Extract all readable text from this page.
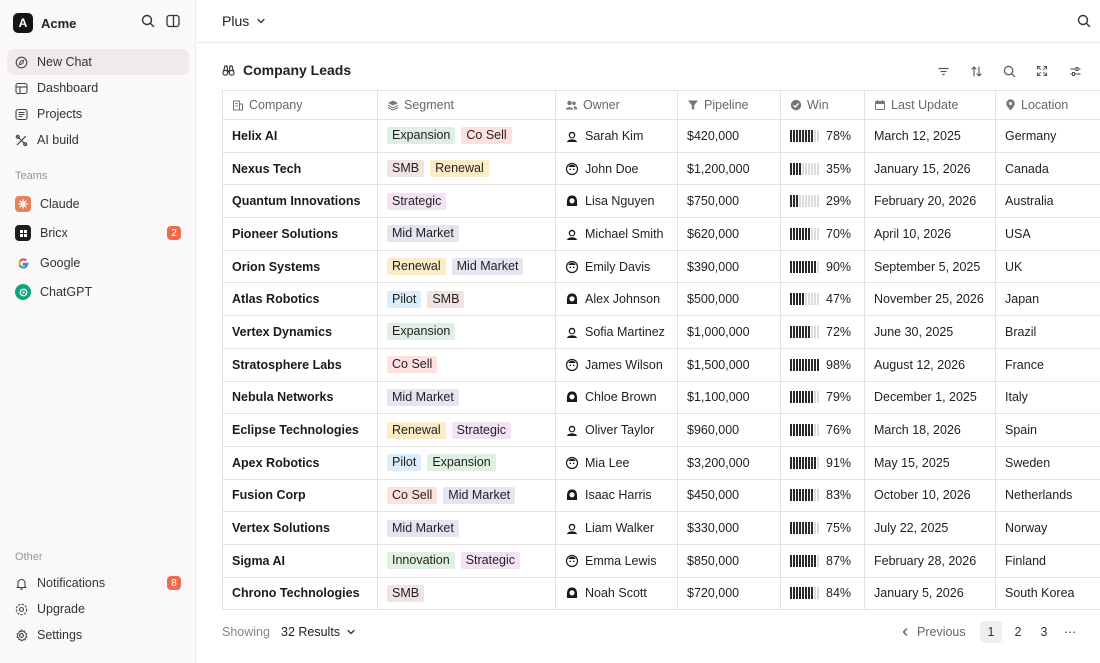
A	Acme
New Chat
Dashboard
Projects
AI build
Teams
Claude
Bricx	2
Google
ChatGPT
Other
Notifications	8
Upgrade
Settings
Plus
Company Leads
Company	Segment	Owner	Pipeline	Win	Last Update	Location

Helix AI	Expansion Co Sell	Sarah Kim	$420,000	78%	March 12, 2025	Germany
Nexus Tech	SMB Renewal	John Doe	$1,200,000	35%	January 15, 2026	Canada
Quantum Innovations	Strategic	Lisa Nguyen	$750,000	29%	February 20, 2026	Australia
Pioneer Solutions	Mid Market	Michael Smith	$620,000	70%	April 10, 2026	USA
Orion Systems	Renewal Mid Market	Emily Davis	$390,000	90%	September 5, 2025	UK
Atlas Robotics	Pilot SMB	Alex Johnson	$500,000	47%	November 25, 2026	Japan
Vertex Dynamics	Expansion	Sofia Martinez	$1,000,000	72%	June 30, 2025	Brazil
Stratosphere Labs	Co Sell	James Wilson	$1,500,000	98%	August 12, 2026	France
Nebula Networks	Mid Market	Chloe Brown	$1,100,000	79%	December 1, 2025	Italy
Eclipse Technologies	Renewal Strategic	Oliver Taylor	$960,000	76%	March 18, 2026	Spain
Apex Robotics	Pilot Expansion	Mia Lee	$3,200,000	91%	May 15, 2025	Sweden
Fusion Corp	Co Sell Mid Market	Isaac Harris	$450,000	83%	October 10, 2026	Netherlands
Vertex Solutions	Mid Market	Liam Walker	$330,000	75%	July 22, 2025	Norway
Sigma AI	Innovation Strategic	Emma Lewis	$850,000	87%	February 28, 2026	Finland
Chrono Technologies	SMB	Noah Scott	$720,000	84%	January 5, 2026	South Korea
Showing 32 Results	Previous	1	2	3	···
